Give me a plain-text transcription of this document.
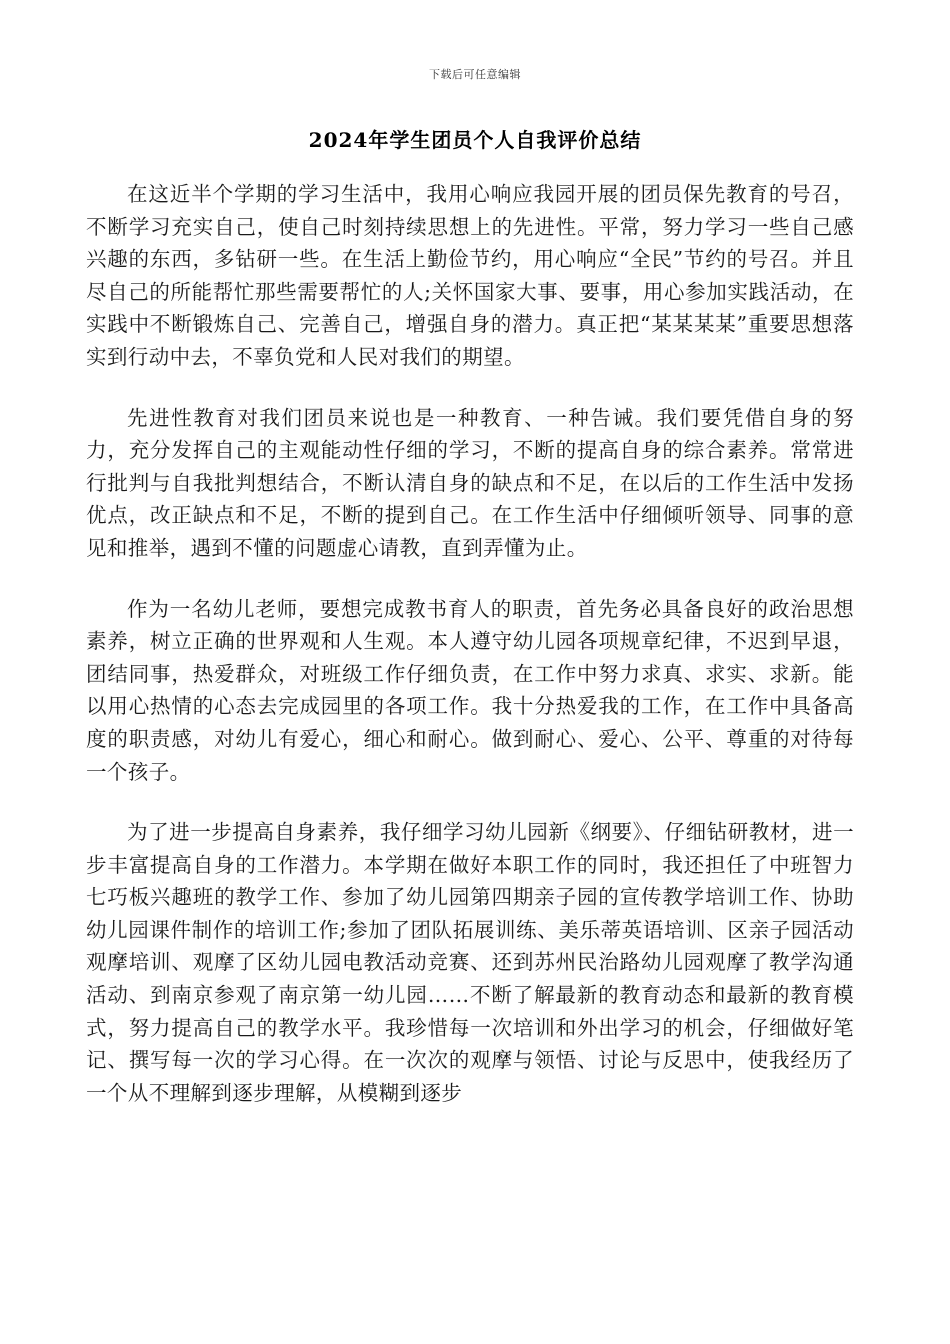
下载后可任意编辑
2024年学生团员个人自我评价总结

在这近半个学期的学习生活中，我用心响应我园开展的团员保先教育的号召，不断学习充实自己，使自己时刻持续思想上的先进性。平常，努力学习一些自己感兴趣的东西，多钻研一些。在生活上勤俭节约，用心响应“全民”节约的号召。并且尽自己的所能帮忙那些需要帮忙的人;关怀国家大事、要事，用心参加实践活动，在实践中不断锻炼自己、完善自己，增强自身的潜力。真正把“某某某某”重要思想落实到行动中去，不辜负党和人民对我们的期望。

先进性教育对我们团员来说也是一种教育、一种告诫。我们要凭借自身的努力，充分发挥自己的主观能动性仔细的学习，不断的提高自身的综合素养。常常进行批判与自我批判想结合，不断认清自身的缺点和不足，在以后的工作生活中发扬优点，改正缺点和不足，不断的提到自己。在工作生活中仔细倾听领导、同事的意见和推举，遇到不懂的问题虚心请教，直到弄懂为止。

作为一名幼儿老师，要想完成教书育人的职责，首先务必具备良好的政治思想素养，树立正确的世界观和人生观。本人遵守幼儿园各项规章纪律，不迟到早退，团结同事，热爱群众，对班级工作仔细负责，在工作中努力求真、求实、求新。能以用心热情的心态去完成园里的各项工作。我十分热爱我的工作，在工作中具备高度的职责感，对幼儿有爱心，细心和耐心。做到耐心、爱心、公平、尊重的对待每一个孩子。

为了进一步提高自身素养，我仔细学习幼儿园新《纲要》、仔细钻研教材，进一步丰富提高自身的工作潜力。本学期在做好本职工作的同时，我还担任了中班智力七巧板兴趣班的教学工作、参加了幼儿园第四期亲子园的宣传教学培训工作、协助幼儿园课件制作的培训工作;参加了团队拓展训练、美乐蒂英语培训、区亲子园活动观摩培训、观摩了区幼儿园电教活动竞赛、还到苏州民治路幼儿园观摩了教学沟通活动、到南京参观了南京第一幼儿园……不断了解最新的教育动态和最新的教育模式，努力提高自己的教学水平。我珍惜每一次培训和外出学习的机会，仔细做好笔记、撰写每一次的学习心得。在一次次的观摩与领悟、讨论与反思中，使我经历了一个从不理解到逐步理解，从模糊到逐步
